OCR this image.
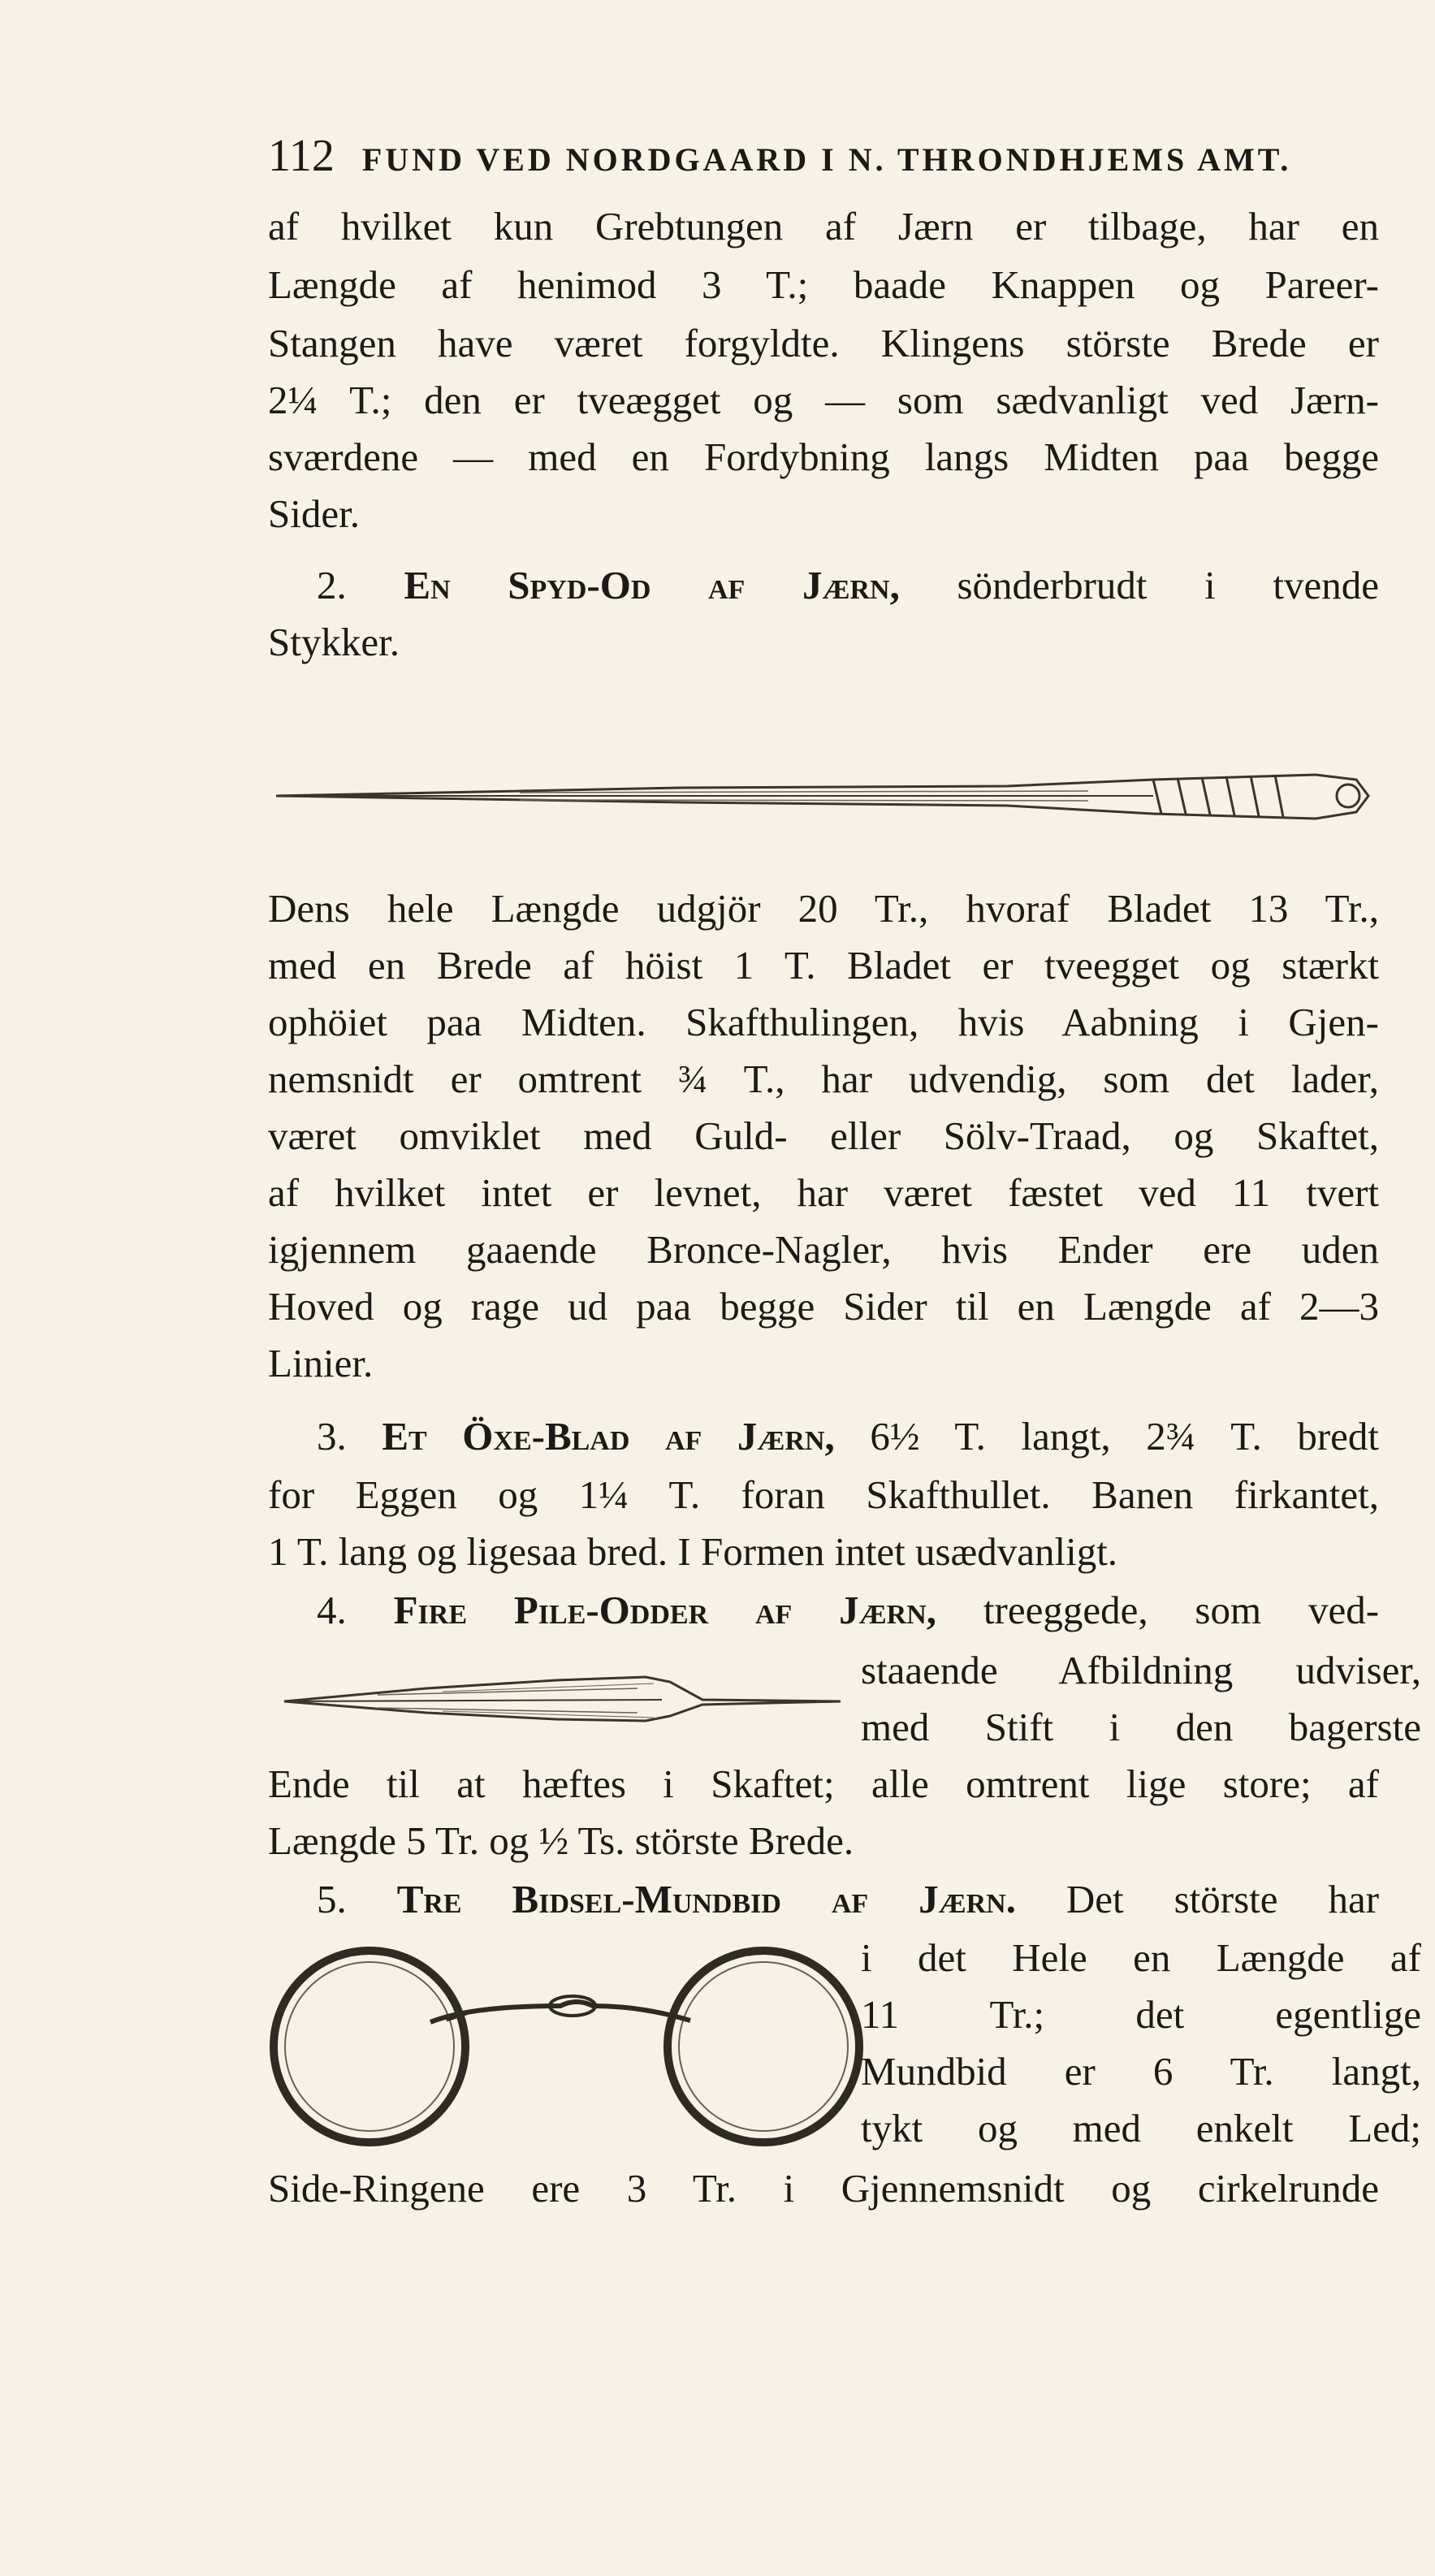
112 FUND VED NORDGAARD I N. THRONDHJEMS AMT.
af hvilket kun Grebtungen af Jærn er tilbage, har en
Længde af henimod 3 T.; baade Knappen og Pareer-
Stangen have været forgyldte. Klingens störste Brede er
2¼ T.; den er tveægget og — som sædvanligt ved Jærn-
sværdene — med en Fordybning langs Midten paa begge
Sider.
2. En Spyd-Od af Jærn, sönderbrudt i tvende
Stykker.
Dens hele Længde udgjör 20 Tr., hvoraf Bladet 13 Tr.,
med en Brede af höist 1 T. Bladet er tveegget og stærkt
ophöiet paa Midten. Skafthulingen, hvis Aabning i Gjen-
nemsnidt er omtrent ¾ T., har udvendig, som det lader,
været omviklet med Guld- eller Sölv-Traad, og Skaftet,
af hvilket intet er levnet, har været fæstet ved 11 tvert
igjennem gaaende Bronce-Nagler, hvis Ender ere uden
Hoved og rage ud paa begge Sider til en Længde af 2—3
Linier.
3. Et Öxe-Blad af Jærn, 6½ T. langt, 2¾ T. bredt
for Eggen og 1¼ T. foran Skafthullet. Banen firkantet,
1 T. lang og ligesaa bred. I Formen intet usædvanligt.
4. Fire Pile-Odder af Jærn, treeggede, som ved-
staaende Afbildning udviser,
med Stift i den bagerste
Ende til at hæftes i Skaftet; alle omtrent lige store; af
Længde 5 Tr. og ½ Ts. störste Brede.
5. Tre Bidsel-Mundbid af Jærn. Det störste har
i det Hele en Længde af
11 Tr.; det egentlige
Mundbid er 6 Tr. langt,
tykt og med enkelt Led;
Side-Ringene ere 3 Tr. i Gjennemsnidt og cirkelrunde
